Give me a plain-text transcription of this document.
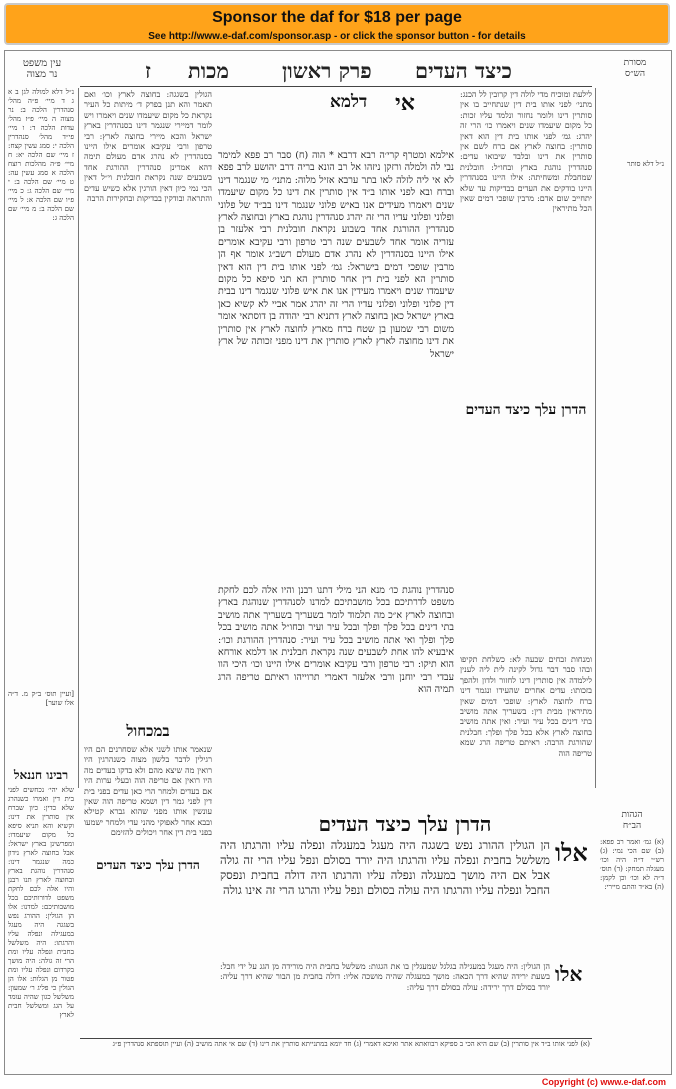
Sponsor the daf for $18 per page
See http://www.e-daf.com/sponsor.asp - or click the sponsor button - for details
עין משפט
נר מצוה	ז מכות	פרק ראשון כיצד העדים	מסורת
הש״ס
נ״ל דלא למולה לגן ב א ג ד מיי׳ פ״ה מהל׳ סנהדרין הלכה ב: נר מצוה ה מיי׳ פ״ז מהל׳ עדות הלכה ד: ו מיי׳ פי״ד מהל׳ סנהדרין הלכה י: סמג עשין קצח: ז מיי׳ שם הלכה יא: ח מיי׳ פ״ה מהלכות רוצח הלכה א סמג עשין עה: ט מיי׳ שם הלכה ב: י מיי׳ שם הלכה ג: כ מיי׳ פ״ו שם הלכה א: ל מיי׳ שם הלכה ב: מ מיי׳ שם הלכה ג:
[ועיין תוס׳ ב״ק מ. ד״ה אלו שוער]
נ״ל דלא סותר
הגולין בשגגה: בחוצה לארץ וכו׳ ואם תאמר והא תנן בפרק ד׳ מיתות כל העיר נקראת כל מקום שיעמדו שנים ויאמרו ויש לומר דמיירי שנגמר דינו בסנהדרין בארץ ישראל והכא מיירי בחוצה לארץ: רבי טרפון ורבי עקיבא אומרים אילו היינו בסנהדרין לא נהרג אדם מעולם תימה דהא אמרינן סנהדרין ההורגת אחד בשבעים שנה נקראת חובלנית וי״ל דאין הכי נמי כיון דאין הורגין אלא כשיש עדים והתראה ובודקין בבדיקות ובחקירות הרבה
במכחול
שנאמר אותו לשני אלא שסחרנים הם היו רגילין לדבר בלשון מצוה כשנהרגין היו רואין מה שיצא מהם ולא בדקו בעדים מה היו רואין אם טריפה הוה ובעלי ערות היו אם בעדים ולמחר הרי כאן עדים בפני בית דין לפני גמר דין ושמא טריפה הוה שאין עונשין אותו מפני שהוא גברא קטילא ובבא אחר לאפוקי מהני עדי ולמחר ישמעו בפני בית דין אחר ויכולים להזימם
הדרן עלך כיצד העדים
רבינו חננאל
שלא יהי׳ נכחשים לפני בית דין ואמרו כשנהרג שלא כדין: כיון שברח אין סותרין את דינו: וקשיא והא תניא סיפא כל מקום שיעמדו: ומפרשינן בארץ ישראל: אבל בחוצה לארץ נידון כמה שנגמר דינו: סנהדרין נוהגת בארץ ובחוצה לארץ תנו רבנן והיו אלה לכם לחקת משפט לדורותיכם בכל מושבותיכם: למדנו: אלו הן הגולין: ההורג נפש בשגגה היה מעגל במעגילה ונפלה עליו והרגתו: היה משלשל בחבית ונפלה עליו ומת הרי זה גולה: היה מושך בקרדום ונפלה עליו ומת פטור מן הגלות: אלו הן הגולין כי פליג ר׳ שמעון: משלשל כגון שהיה עומד על הגג ומשלשל חבית לארץ
לילעת ומוכיח מדי לולה דין קרובין לל הכנג: מתני׳ לפני אותו בית דין שנתחייב בו אין סותרין דינו ולומר נחזור ונלמד עליו זכות: כל מקום שיעמדו שנים ויאמרו כו׳ הרי זה יהרג: גמ׳ לפני אותו בית דין הוא דאין סותרין: בחוצה לארץ אם ברח לשם אין סותרין את דינו ובלבד שיבואו עדים: סנהדרין נוהגת בארץ ובחו״ל: חובלנית שמחבלת ומשחיתה: אילו היינו בסנהדרין היינו בודקים את העדים בבדיקות עד שלא יתחייב שום אדם: מרבין שופכי דמים שאין הכל מתיראין
הדרן עלך כיצד העדים
ומנחות זבחים שבעה לא: כשלחת תקיפו ובהו סבר דבר גדול לקינה לית ליה לענין לילמדה אין סותרין דינו לחזור ולדון ולהפך בזכותו: עדים אחרים שהעידו ונגמר דינו ברח לחוצה לארץ: שופכי דמים שאין מתיראין מבית דין: בשעריך אתה מושיב בתי דינים בכל עיר ועיר: ואין אתה מושיב בחוצה לארץ אלא בכל פלך ופלך: חבלנית שהורגת הרבה: ראיתם טריפה הרג שמא טריפה הוה
אי
דלמא
אילמא ומטרף קרי׳ה רבא דרבא * הוה (ח) סבר רב פפא למימר נבי לה ולמלה ורזקן ניזהו אל רב הונא בריה דרב יהושע לרב פפא לא אי ליה לזלה לאו בתר ערבא אזיל מלוה: מתני׳ מי שנגמר דינו וברח ובא לפני אותו ב״ד אין סותרין את דינו כל מקום שיעמדו שנים ויאמרו מעידים אנו באיש פלוני שנגמר דינו בב״ד של פלוני ופלוני ופלוני עדיו הרי זה יהרג סנהדרין נוהגת בארץ ובחוצה לארץ סנהדרין ההורגת אחד בשבוע נקראת חובלנית רבי אלעזר בן עזריה אומר אחד לשבעים שנה רבי טרפון ורבי עקיבא אומרים אילו היינו בסנהדרין לא נהרג אדם מעולם רשב״ג אומר אף הן מרבין שופכי דמים בישראל: גמ׳ לפני אותו בית דין הוא דאין סותרין הא לפני בית דין אחר סותרין הא תני סיפא כל מקום שיעמדו שנים ויאמרו מעידין אנו את איש פלוני שנגמר דינו בבית דין פלוני ופלוני ופלוני עדיו הרי זה יהרג אמר אביי לא קשיא כאן בארץ ישראל כאן בחוצה לארץ דתניא רבי יהודה בן דוסתאי אומר משום רבי שמעון בן שטח ברח מארץ לחוצה לארץ אין סותרין את דינו מחוצה לארץ לארץ סותרין את דינו מפני זכותה של ארץ ישראל
סנהדרין נוהגת כו׳ מנא הני מילי דתנו רבנן והיו אלה לכם לחקת משפט לדרתיכם בכל מושבתיכם למדנו לסנהדרין שנוהגת בארץ ובחוצה לארץ א״כ מה תלמוד לומר בשעריך בשעריך אתה מושיב בתי דינים בכל פלך ופלך ובכל עיר ועיר ובחו״ל אתה מושיב בכל פלך ופלך ואי אתה מושיב בכל עיר ועיר: סנהדרין ההורגת וכו׳: איבעיא להו אחת לשבעים שנה נקראת חבלנית או דלמא אורחא הוא תיקו: רבי טרפון ורבי עקיבא אומרים אילו היינו וכו׳ היכי הוו עבדי רבי יוחנן ורבי אלעזר דאמרי תרוייהו ראיתם טריפה הרג תמיה הוא
הדרן עלך כיצד העדים
אלו
הן הגולין ההורג נפש בשגגה היה מעגל במעגלה ונפלה עליו והרגתו היה משלשל בחבית ונפלה עליו והרגתו היה יורד בסולם ונפל עליו הרי זה גולה אבל אם היה מושך במעגלה ונפלה עליו והרגתו היה דולה בחבית ונפסק החבל ונפלה עליו והרגתו היה עולה בסולם ונפל עליו והרגו הרי זה אינו גולה
הגהות
הב״ח
(א) גמ׳ ואמר רב פפא: (ב) שם הכי נמי: (ג) רש״י ד״ה היה וכו׳ מעגלה תמחק: (ד) תוס׳ ד״ה לא וכו׳ וכן לקמן: (ה) בא״ד והתם מיירי:
אלו
הן הגולין: היה מעגל במעגילה בגלגל שמעגלין בו את הגגות: משלשל בחבית היה מורידה מן הגג על ידי חבל: בשעת ירידה שהיא דרך הכאה: מושך במעגלה שהיה מושכה אליו: דולה בחבית מן הבור שהיא דרך עליה: יורד בסולם דרך ירידה: עולה בסולם דרך עליה:
(א) לפני אותו ב״ד אין סותרין (ב) שם היא הכי ב ספיקא רבוואתא אתר ואיכא דאמרי (ג) חד יומא במתנייתא סותרין את דינו (ד) שם אי אתה מושיב (ה) ועיין תוספתא סנהדרין פ״ג
Copyright (c) www.e-daf.com
